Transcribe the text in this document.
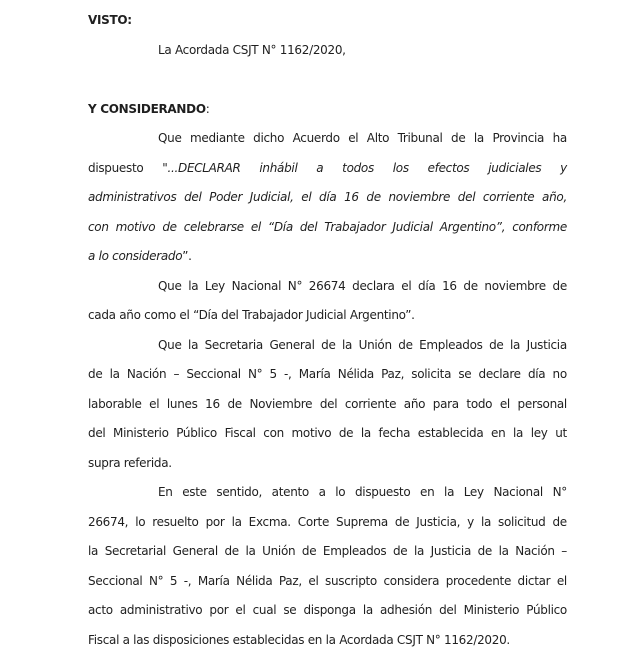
VISTO:
La Acordada CSJT N° 1162/2020,
Y CONSIDERANDO:
Que mediante dicho Acuerdo el Alto Tribunal de la Provincia ha
dispuesto "...DECLARAR inhábil a todos los efectos judiciales y
administrativos del Poder Judicial, el día 16 de noviembre del corriente año,
con motivo de celebrarse el “Día del Trabajador Judicial Argentino”, conforme
a lo considerado”.
Que la Ley Nacional N° 26674 declara el día 16 de noviembre de
cada año como el “Día del Trabajador Judicial Argentino”.
Que la Secretaria General de la Unión de Empleados de la Justicia
de la Nación – Seccional N° 5 -, María Nélida Paz, solicita se declare día no
laborable el lunes 16 de Noviembre del corriente año para todo el personal
del Ministerio Público Fiscal con motivo de la fecha establecida en la ley ut
supra referida.
En este sentido, atento a lo dispuesto en la Ley Nacional N°
26674, lo resuelto por la Excma. Corte Suprema de Justicia, y la solicitud de
la Secretarial General de la Unión de Empleados de la Justicia de la Nación –
Seccional N° 5 -, María Nélida Paz, el suscripto considera procedente dictar el
acto administrativo por el cual se disponga la adhesión del Ministerio Público
Fiscal a las disposiciones establecidas en la Acordada CSJT N° 1162/2020.
